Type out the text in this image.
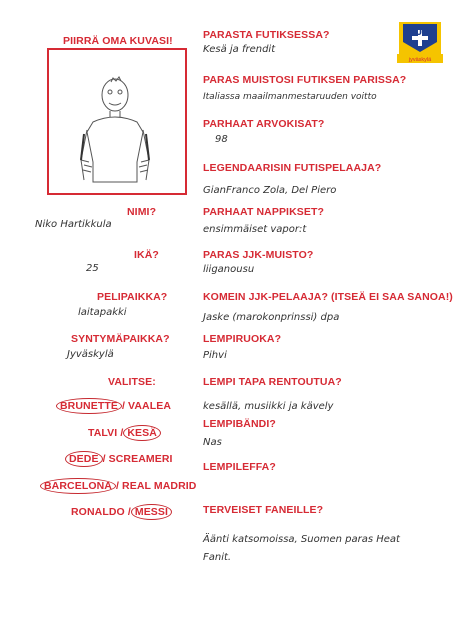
JJK
jyväskylä
PIIRRÄ OMA KUVASI!
NIMI?
Niko Hartikkula
IKÄ?
25
PELIPAIKKA?
laitapakki
SYNTYMÄPAIKKA?
Jyväskylä
VALITSE:
BRUNETTE / VAALEA
TALVI / KESÄ
DEDE / SCREAMERI
BARCELONA / REAL MADRID
RONALDO / MESSI
PARASTA FUTIKSESSA?
Kesä ja frendit
PARAS MUISTOSI FUTIKSEN PARISSA?
Italiassa maailmanmestaruuden voitto
PARHAAT ARVOKISAT?
98
LEGENDAARISIN FUTISPELAAJA?
GianFranco Zola, Del Piero
PARHAAT NAPPIKSET?
ensimmäiset vapor:t
PARAS JJK-MUISTO?
liiganousu
KOMEIN JJK-PELAAJA? (ITSEÄ EI SAA SANOA!)
Jaske (marokonprinssi) dpa
LEMPIRUOKA?
Pihvi
LEMPI TAPA RENTOUTUA?
kesällä, musiikki ja kävely
LEMPIBÄNDI?
Nas
LEMPILEFFA?
TERVEISET FANEILLE?
Äänti katsomoissa, Suomen paras Heat Fanit.
